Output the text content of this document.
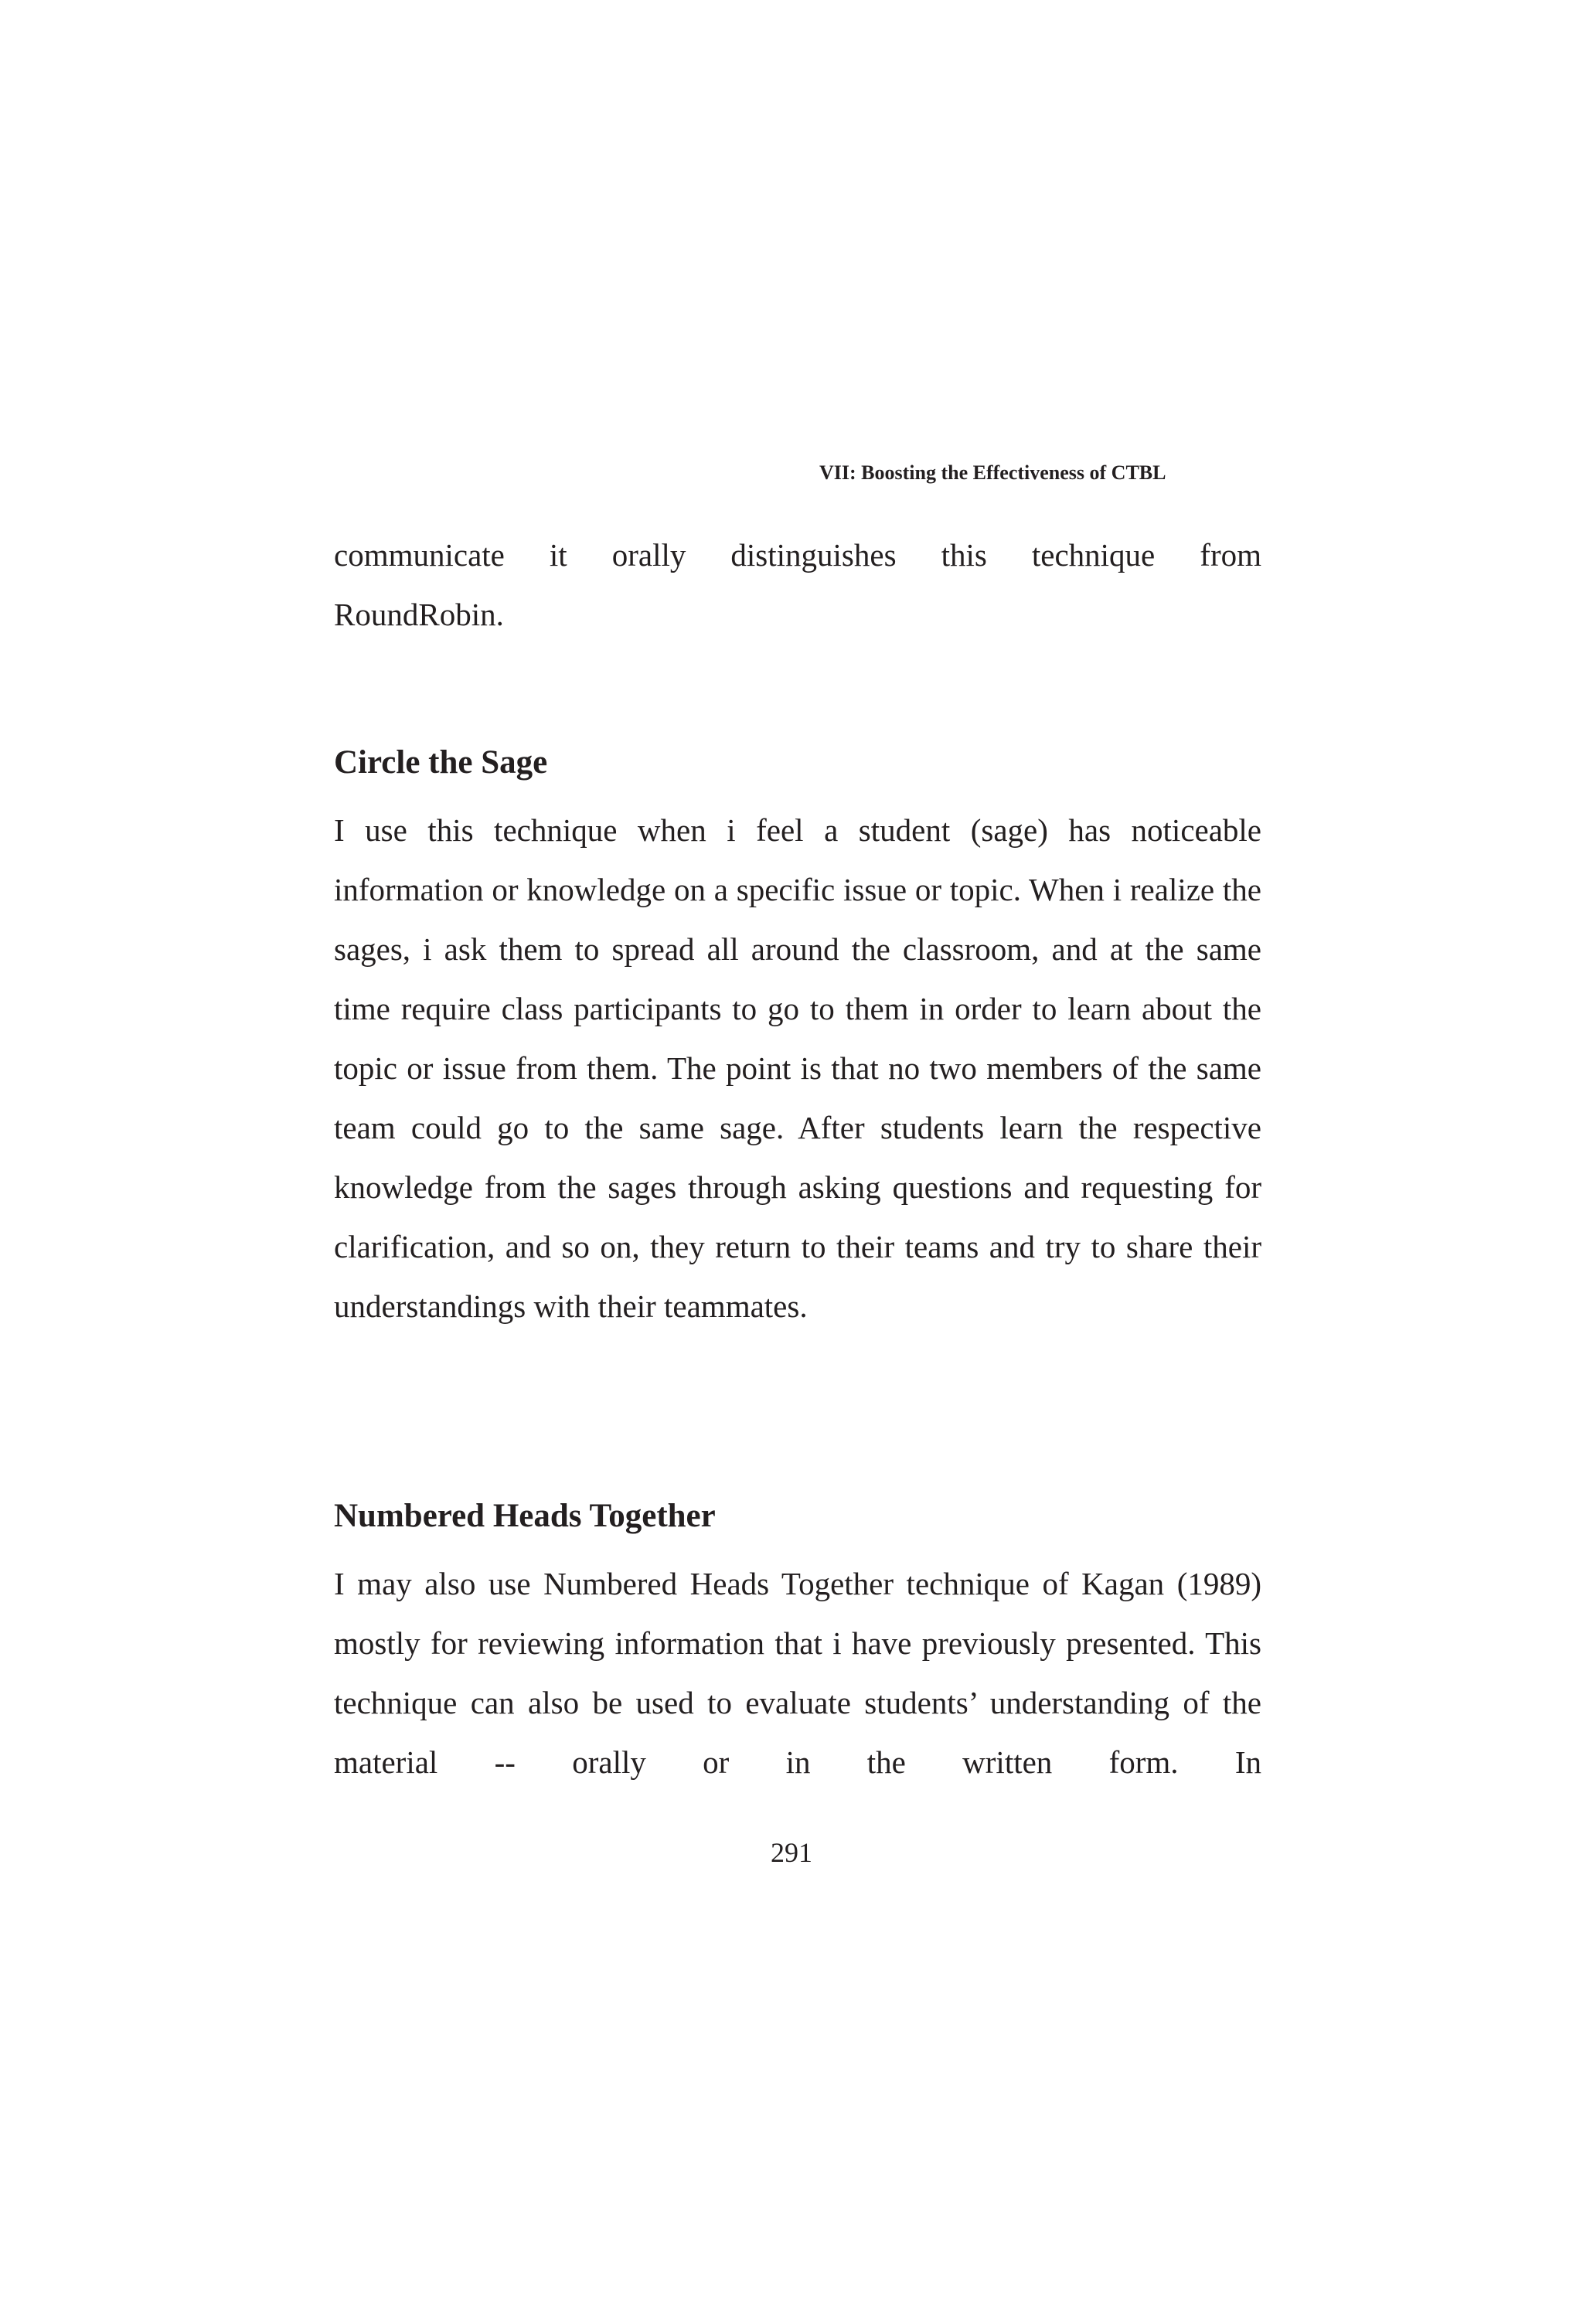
VII: Boosting the Effectiveness of CTBL

communicate it orally distinguishes this technique from

RoundRobin.

Circle the Sage

I use this technique when i feel a student (sage) has noticeable information or knowledge on a specific issue or topic. When i realize the sages, i ask them to spread all around the classroom, and at the same time require class participants to go to them in order to learn about the topic or issue from them. The point is that no two members of the same team could go to the same sage. After students learn the respective knowledge from the sages through asking questions and requesting for clarification, and so on, they return to their teams and try to share their understandings with their teammates.

Numbered Heads Together

I may also use Numbered Heads Together technique of Kagan (1989) mostly for reviewing information that i have previously presented. This technique can also be used to evaluate students’ understanding of the material -- orally or in the written form. In

291
